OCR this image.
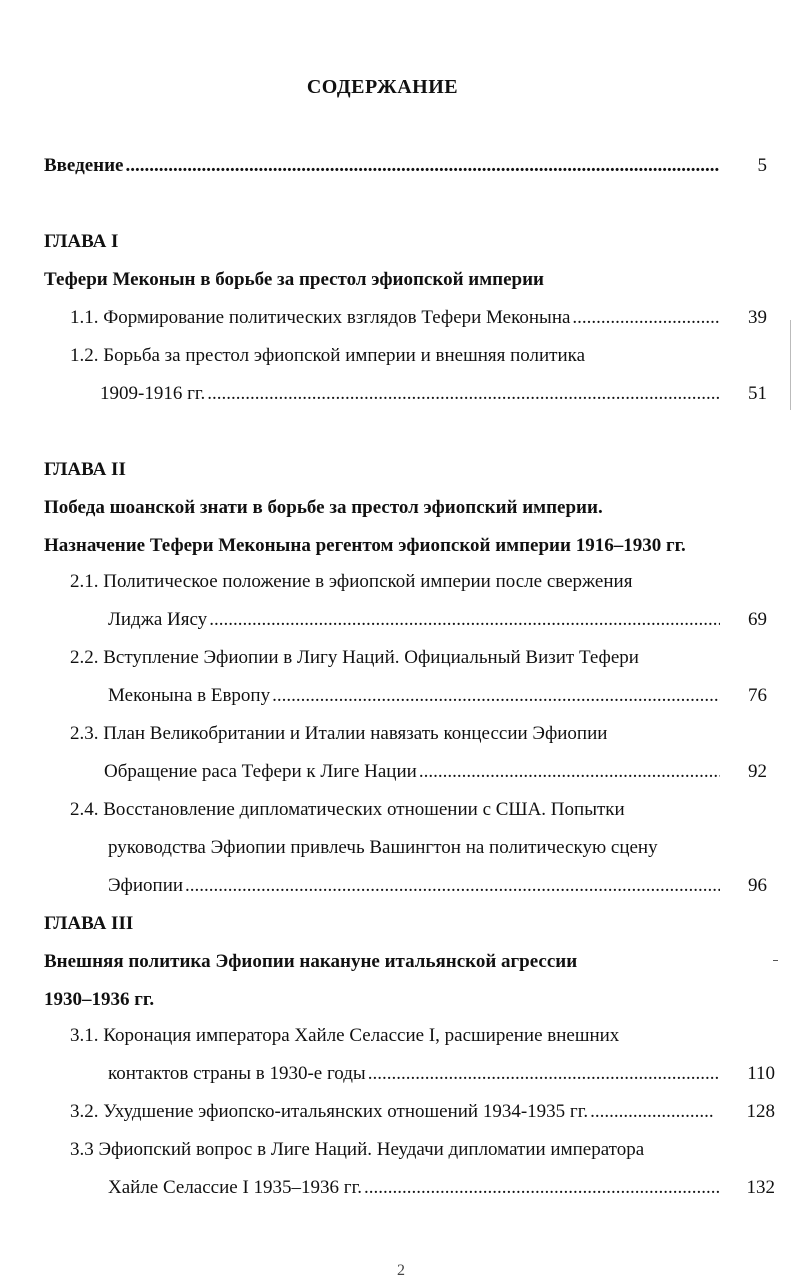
СОДЕРЖАНИЕ
Введение .....	5
ГЛАВА I
Тефери Меконын в борьбе за престол эфиопской империи
1.1. Формирование политических взглядов Тефери Меконына .....	39
1.2. Борьба за престол эфиопской империи и внешняя политика
1909-1916 гг. .....	51
ГЛАВА II
Победа шоанской знати в борьбе за престол эфиопский империи.
Назначение Тефери Меконына регентом эфиопской империи 1916–1930 гг.
2.1. Политическое положение в эфиопской империи после свержения
Лиджа Иясу .....	69
2.2. Вступление Эфиопии в Лигу Наций. Официальный Визит Тефери
Меконына в Европу .....	76
2.3. План Великобритании и Италии навязать концессии Эфиопии
Обращение раса Тефери к Лиге Нации .....	92
2.4. Восстановление дипломатических отношении с США. Попытки
руководства Эфиопии привлечь Вашингтон на политическую сцену
Эфиопии .....	96
ГЛАВА III
Внешняя политика Эфиопии накануне итальянской агрессии
1930–1936 гг.
3.1. Коронация императора Хайле Селассие I, расширение внешних
контактов страны в 1930-е годы .....	110
3.2. Ухудшение эфиопско-итальянских отношений 1934-1935 гг. .....	128
3.3 Эфиопский вопрос в Лиге Наций. Неудачи дипломатии императора
Хайле Селассие I 1935–1936 гг. .....	132
2
